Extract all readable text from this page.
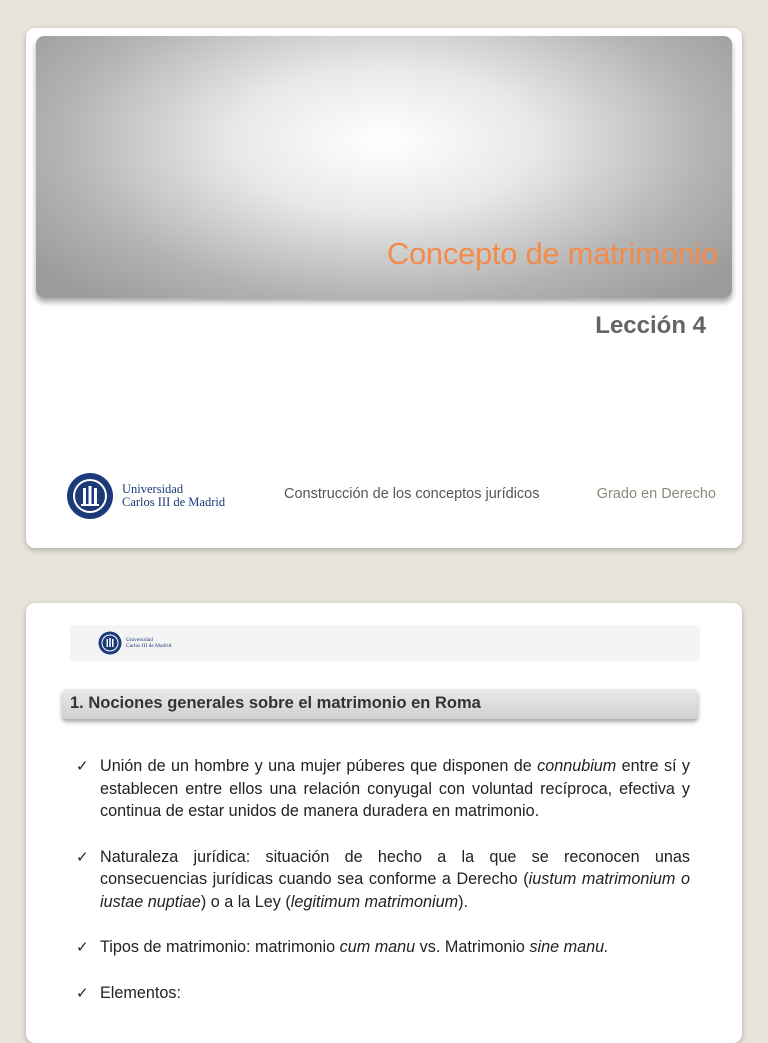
Concepto de matrimonio
Lección 4
Universidad
Carlos III de Madrid	Construcción de los conceptos jurídicos	Grado en Derecho
Universidad
Carlos III de Madrid
1. Nociones generales sobre el matrimonio en Roma
✓ Unión de un hombre y una mujer púberes que disponen de connubium entre sí y establecen entre ellos una relación conyugal con voluntad recíproca, efectiva y continua de estar unidos de manera duradera en matrimonio.
✓ Naturaleza jurídica: situación de hecho a la que se reconocen unas consecuencias jurídicas cuando sea conforme a Derecho (iustum matrimonium o iustae nuptiae) o a la Ley (legitimum matrimonium).
✓ Tipos de matrimonio: matrimonio cum manu vs. Matrimonio sine manu.
✓ Elementos:
